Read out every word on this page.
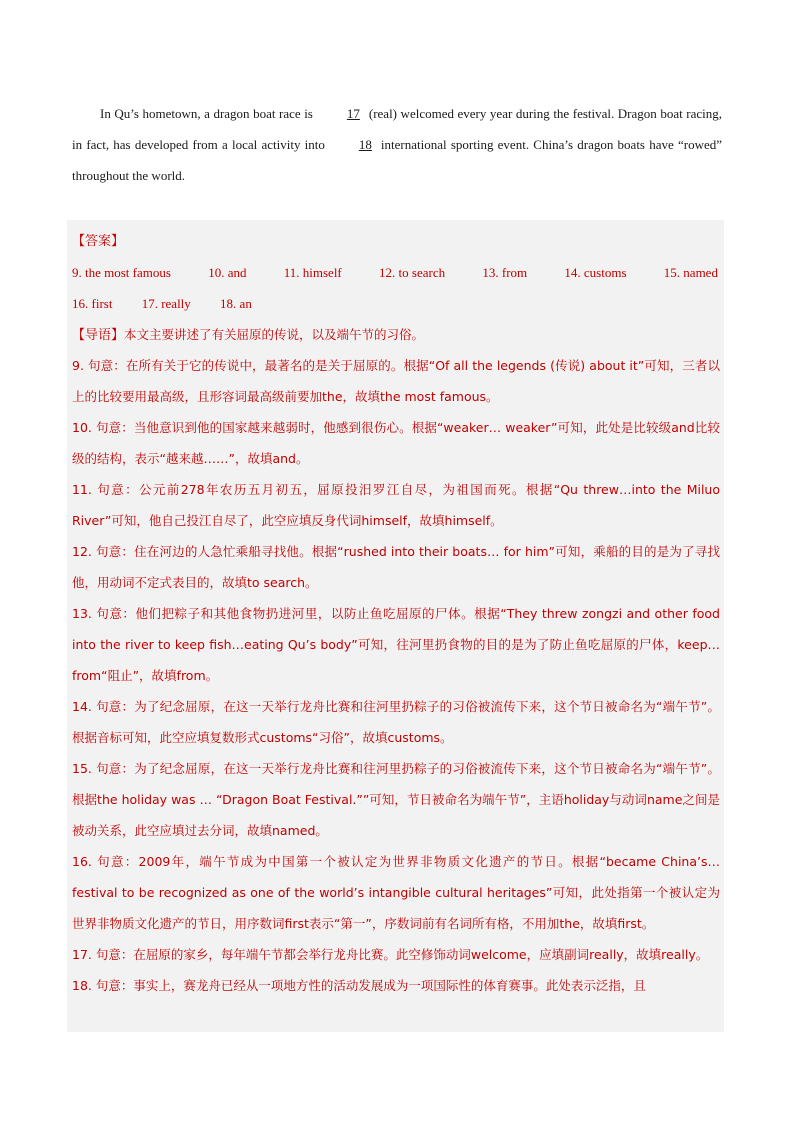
In Qu’s hometown, a dragon boat race is	17 (real) welcomed every year during the festival. Dragon boat racing, in fact, has developed from a local activity into	18 international sporting event. China’s dragon boats have “rowed” throughout the world.

【答案】
9. the most famous	10. and	11. himself	12. to search	13. from	14. customs	15. named
16. first 17. really 18. an
【导语】本文主要讲述了有关屈原的传说，以及端午节的习俗。

9. 句意：在所有关于它的传说中，最著名的是关于屈原的。根据“Of all the legends (传说) about it”可知，三者以上的比较要用最高级，且形容词最高级前要加the，故填the most famous。

10. 句意：当他意识到他的国家越来越弱时，他感到很伤心。根据“weaker… weaker”可知，此处是比较级and比较级的结构，表示“越来越……”，故填and。

11. 句意：公元前278年农历五月初五，屈原投汨罗江自尽，为祖国而死。根据“Qu threw…into the Miluo River”可知，他自己投江自尽了，此空应填反身代词himself，故填himself。

12. 句意：住在河边的人急忙乘船寻找他。根据“rushed into their boats… for him”可知，乘船的目的是为了寻找他，用动词不定式表目的，故填to search。

13. 句意：他们把粽子和其他食物扔进河里，以防止鱼吃屈原的尸体。根据“They threw zongzi and other food into the river to keep fish…eating Qu’s body”可知，往河里扔食物的目的是为了防止鱼吃屈原的尸体，keep…from“阻止”，故填from。

14. 句意：为了纪念屈原，在这一天举行龙舟比赛和往河里扔粽子的习俗被流传下来，这个节日被命名为“端午节”。根据音标可知，此空应填复数形式customs“习俗”，故填customs。

15. 句意：为了纪念屈原，在这一天举行龙舟比赛和往河里扔粽子的习俗被流传下来，这个节日被命名为“端午节”。根据the holiday was … “Dragon Boat Festival.””可知，节日被命名为端午节”，主语holiday与动词name之间是被动关系，此空应填过去分词，故填named。

16. 句意：2009年，端午节成为中国第一个被认定为世界非物质文化遗产的节日。根据“became China’s… festival to be recognized as one of the world’s intangible cultural heritages”可知，此处指第一个被认定为世界非物质文化遗产的节日，用序数词first表示“第一”，序数词前有名词所有格，不用加the，故填first。

17. 句意：在屈原的家乡，每年端午节都会举行龙舟比赛。此空修饰动词welcome，应填副词really，故填really。

18. 句意：事实上，赛龙舟已经从一项地方性的活动发展成为一项国际性的体育赛事。此处表示泛指，且
